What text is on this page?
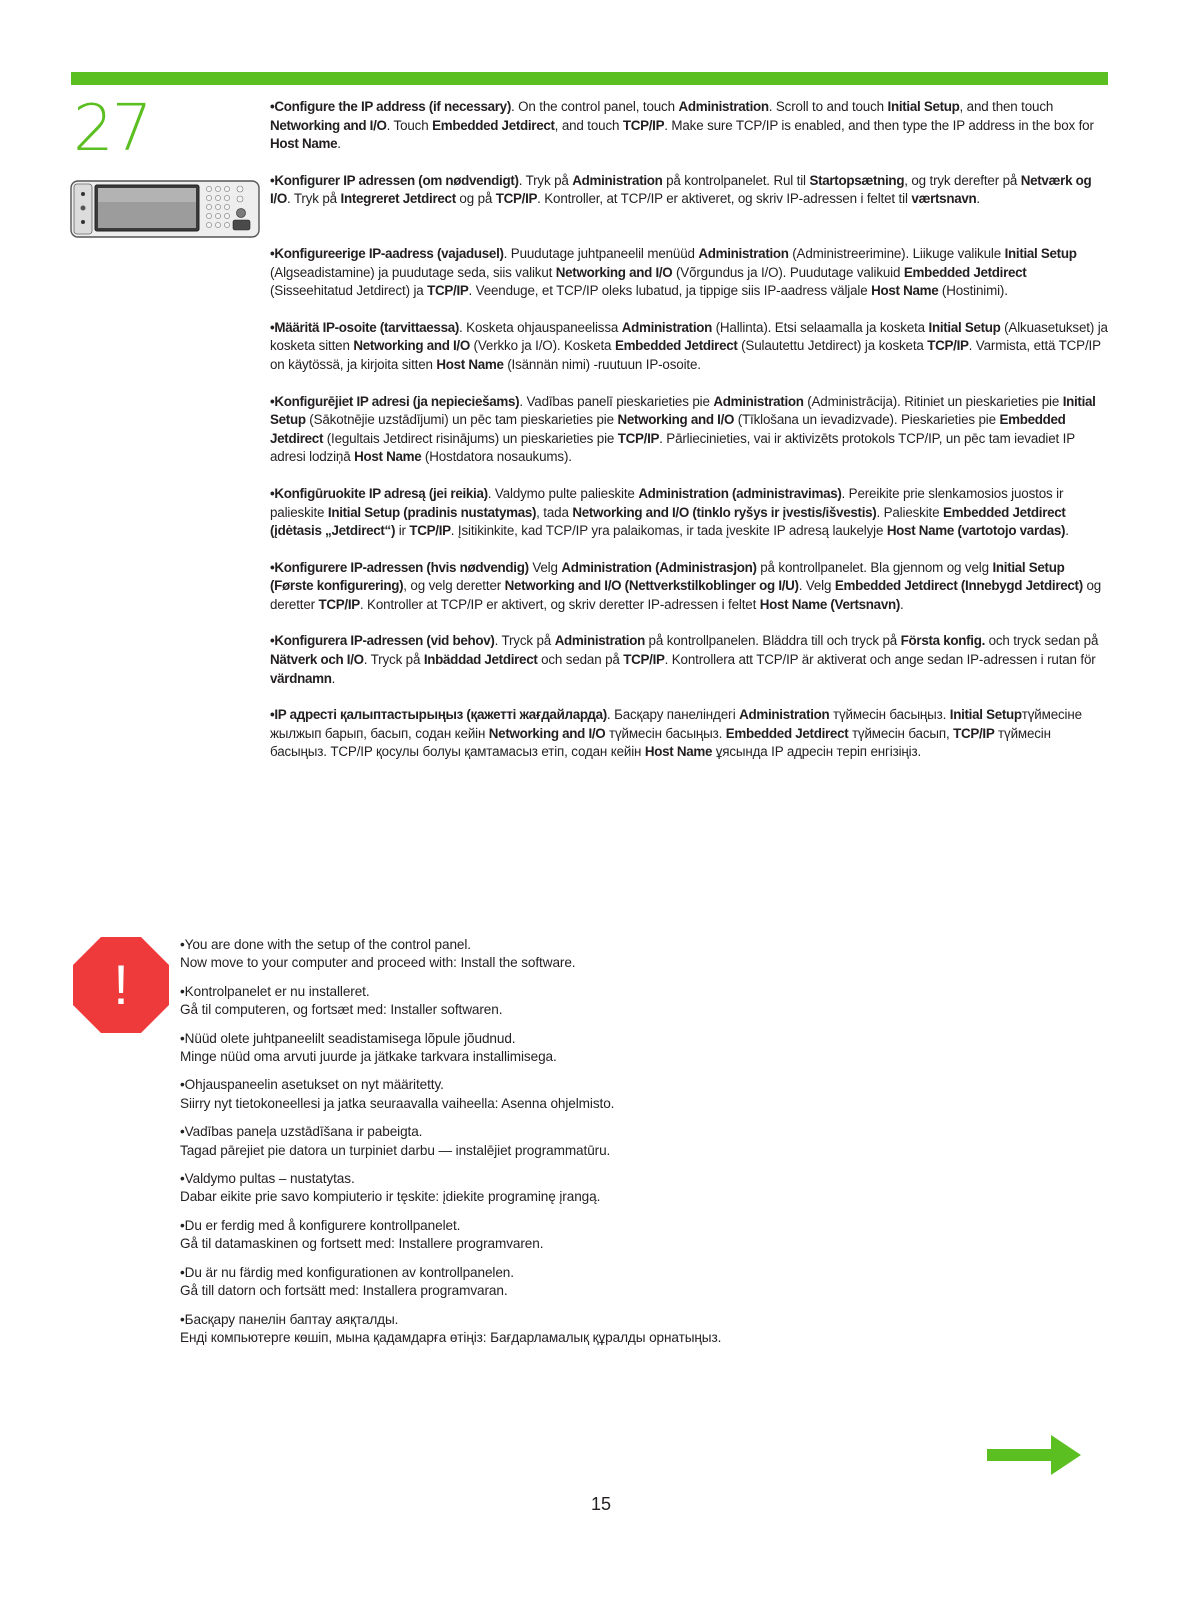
27	•Configure the IP address (if necessary). On the control panel, touch Administration. Scroll to and touch Initial Setup, and then touch Networking and I/O. Touch Embedded Jetdirect, and touch TCP/IP. Make sure TCP/IP is enabled, and then type the IP address in the box for Host Name.

•Konfigurer IP adressen (om nødvendigt). Tryk på Administration på kontrolpanelet. Rul til Startopsætning, og tryk derefter på Netværk og I/O. Tryk på Integreret Jetdirect og på TCP/IP. Kontroller, at TCP/IP er aktiveret, og skriv IP-adressen i feltet til værtsnavn.

•Konfigureerige IP-aadress (vajadusel). Puudutage juhtpaneelil menüüd Administration (Administreerimine). Liikuge valikule Initial Setup (Algseadistamine) ja puudutage seda, siis valikut Networking and I/O (Võrgundus ja I/O). Puudutage valikuid Embedded Jetdirect (Sisseehitatud Jetdirect) ja TCP/IP. Veenduge, et TCP/IP oleks lubatud, ja tippige siis IP-aadress väljale Host Name (Hostinimi).

•Määritä IP-osoite (tarvittaessa). Kosketa ohjauspaneelissa Administration (Hallinta). Etsi selaamalla ja kosketa Initial Setup (Alkuasetukset) ja kosketa sitten Networking and I/O (Verkko ja I/O). Kosketa Embedded Jetdirect (Sulautettu Jetdirect) ja kosketa TCP/IP. Varmista, että TCP/IP on käytössä, ja kirjoita sitten Host Name (Isännän nimi) -ruutuun IP-osoite.

•Konfigurējiet IP adresi (ja nepieciešams). Vadības panelī pieskarieties pie Administration (Administrācija). Ritiniet un pieskarieties pie Initial Setup (Sākotnējie uzstādījumi) un pēc tam pieskarieties pie Networking and I/O (Tīklošana un ievadizvade). Pieskarieties pie Embedded Jetdirect (Iegultais Jetdirect risinājums) un pieskarieties pie TCP/IP. Pārliecinieties, vai ir aktivizēts protokols TCP/IP, un pēc tam ievadiet IP adresi lodziņā Host Name (Hostdatora nosaukums).

•Konfigūruokite IP adresą (jei reikia). Valdymo pulte palieskite Administration (administravimas). Pereikite prie slenkamosios juostos ir palieskite Initial Setup (pradinis nustatymas), tada Networking and I/O (tinklo ryšys ir įvestis/išvestis). Palieskite Embedded Jetdirect (įdėtasis „Jetdirect“) ir TCP/IP. Įsitikinkite, kad TCP/IP yra palaikomas, ir tada įveskite IP adresą laukelyje Host Name (vartotojo vardas).

•Konfigurere IP-adressen (hvis nødvendig) Velg Administration (Administrasjon) på kontrollpanelet. Bla gjennom og velg Initial Setup (Første konfigurering), og velg deretter Networking and I/O (Nettverkstilkoblinger og I/U). Velg Embedded Jetdirect (Innebygd Jetdirect) og deretter TCP/IP. Kontroller at TCP/IP er aktivert, og skriv deretter IP-adressen i feltet Host Name (Vertsnavn).

•Konfigurera IP-adressen (vid behov). Tryck på Administration på kontrollpanelen. Bläddra till och tryck på Första konfig. och tryck sedan på Nätverk och I/O. Tryck på Inbäddad Jetdirect och sedan på TCP/IP. Kontrollera att TCP/IP är aktiverat och ange sedan IP-adressen i rutan för värdnamn.

•IP адресті қалыптастырыңыз (қажетті жағдайларда). Басқару панеліндегі Administration түймесін басыңыз. Initial Setupтүймесіне жылжып барып, басып, содан кейін Networking and I/O түймесін басыңыз. Embedded Jetdirect түймесін басып, TCP/IP түймесін басыңыз. TCP/IP қосулы болуы қамтамасыз етіп, содан кейін Host Name ұясында IP адресін теріп енгізіңіз.

!
•You are done with the setup of the control panel.
Now move to your computer and proceed with: Install the software.
•Kontrolpanelet er nu installeret.
Gå til computeren, og fortsæt med: Installer softwaren.
•Nüüd olete juhtpaneelilt seadistamisega lõpule jõudnud.
Minge nüüd oma arvuti juurde ja jätkake tarkvara installimisega.
•Ohjauspaneelin asetukset on nyt määritetty.
Siirry nyt tietokoneellesi ja jatka seuraavalla vaiheella: Asenna ohjelmisto.
•Vadības paneļa uzstādīšana ir pabeigta.
Tagad pārejiet pie datora un turpiniet darbu — instalējiet programmatūru.
•Valdymo pultas – nustatytas.
Dabar eikite prie savo kompiuterio ir tęskite: įdiekite programinę įrangą.
•Du er ferdig med å konfigurere kontrollpanelet.
Gå til datamaskinen og fortsett med: Installere programvaren.
•Du är nu färdig med konfigurationen av kontrollpanelen.
Gå till datorn och fortsätt med: Installera programvaran.
•Басқару панелін баптау аяқталды.
Енді компьютерге көшіп, мына қадамдарға өтіңіз: Бағдарламалық құралды орнатыңыз.
15
